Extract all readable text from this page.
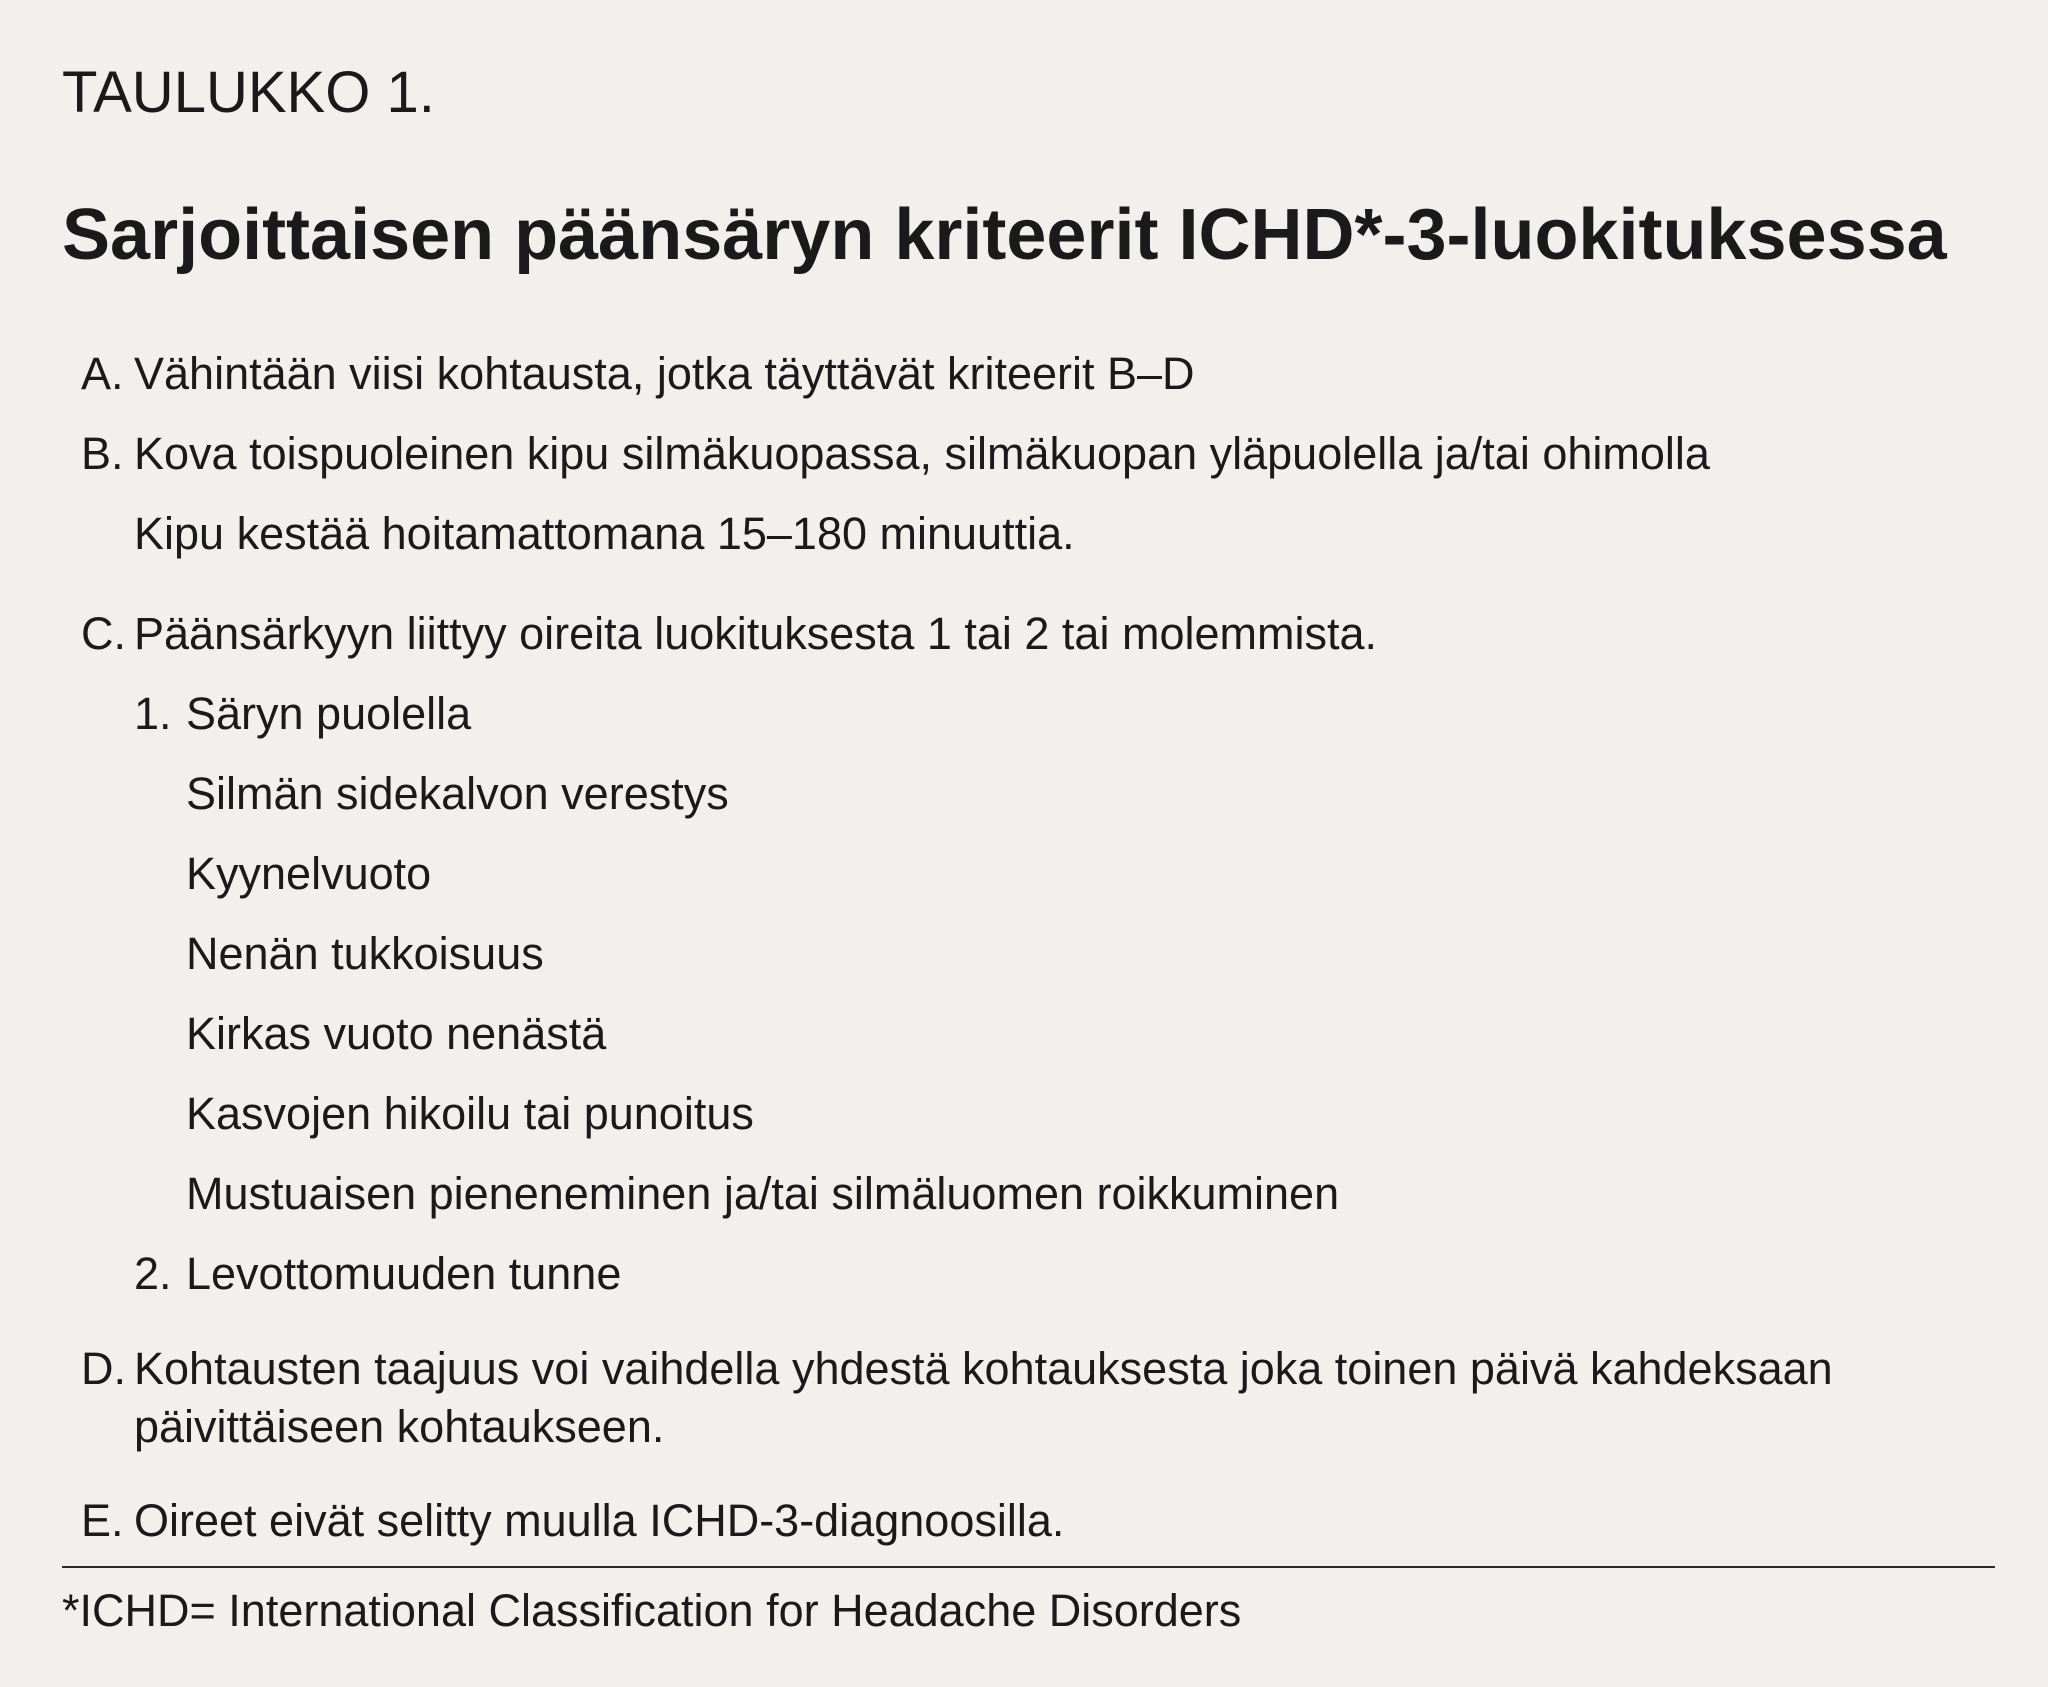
TAULUKKO 1.
Sarjoittaisen päänsäryn kriteerit ICHD*-3-luokituksessa
A. Vähintään viisi kohtausta, jotka täyttävät kriteerit B–D
B. Kova toispuoleinen kipu silmäkuopassa, silmäkuopan yläpuolella ja/tai ohimolla
Kipu kestää hoitamattomana 15–180 minuuttia.
C. Päänsärkyyn liittyy oireita luokituksesta 1 tai 2 tai molemmista.
1. Säryn puolella
Silmän sidekalvon verestys
Kyynelvuoto
Nenän tukkoisuus
Kirkas vuoto nenästä
Kasvojen hikoilu tai punoitus
Mustuaisen pieneneminen ja/tai silmäluomen roikkuminen
2. Levottomuuden tunne
D. Kohtausten taajuus voi vaihdella yhdestä kohtauksesta joka toinen päivä kahdeksaan päivittäiseen kohtaukseen.
E. Oireet eivät selitty muulla ICHD-3-diagnoosilla.
*ICHD= International Classification for Headache Disorders
